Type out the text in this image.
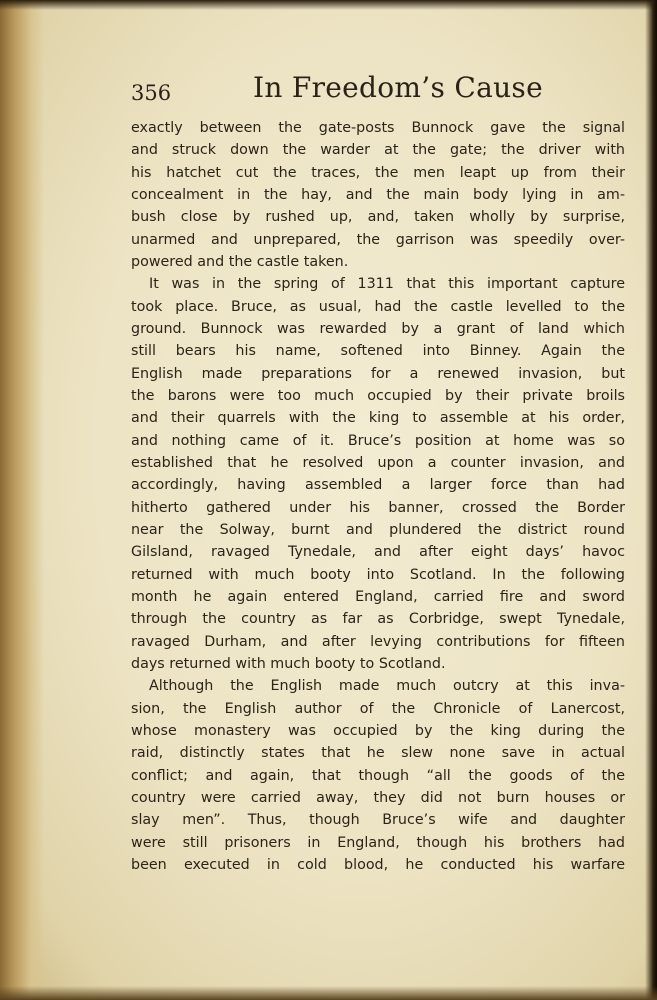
356	In Freedom’s Cause
exactly between the gate-posts Bunnock gave the signal
and struck down the warder at the gate; the driver with
his hatchet cut the traces, the men leapt up from their
concealment in the hay, and the main body lying in am-
bush close by rushed up, and, taken wholly by surprise,
unarmed and unprepared, the garrison was speedily over-
powered and the castle taken.
It was in the spring of 1311 that this important capture
took place. Bruce, as usual, had the castle levelled to the
ground. Bunnock was rewarded by a grant of land which
still bears his name, softened into Binney. Again the
English made preparations for a renewed invasion, but
the barons were too much occupied by their private broils
and their quarrels with the king to assemble at his order,
and nothing came of it. Bruce’s position at home was so
established that he resolved upon a counter invasion, and
accordingly, having assembled a larger force than had
hitherto gathered under his banner, crossed the Border
near the Solway, burnt and plundered the district round
Gilsland, ravaged Tynedale, and after eight days’ havoc
returned with much booty into Scotland. In the following
month he again entered England, carried fire and sword
through the country as far as Corbridge, swept Tynedale,
ravaged Durham, and after levying contributions for fifteen
days returned with much booty to Scotland.
Although the English made much outcry at this inva-
sion, the English author of the Chronicle of Lanercost,
whose monastery was occupied by the king during the
raid, distinctly states that he slew none save in actual
conflict; and again, that though “all the goods of the
country were carried away, they did not burn houses or
slay men”. Thus, though Bruce’s wife and daughter
were still prisoners in England, though his brothers had
been executed in cold blood, he conducted his warfare
